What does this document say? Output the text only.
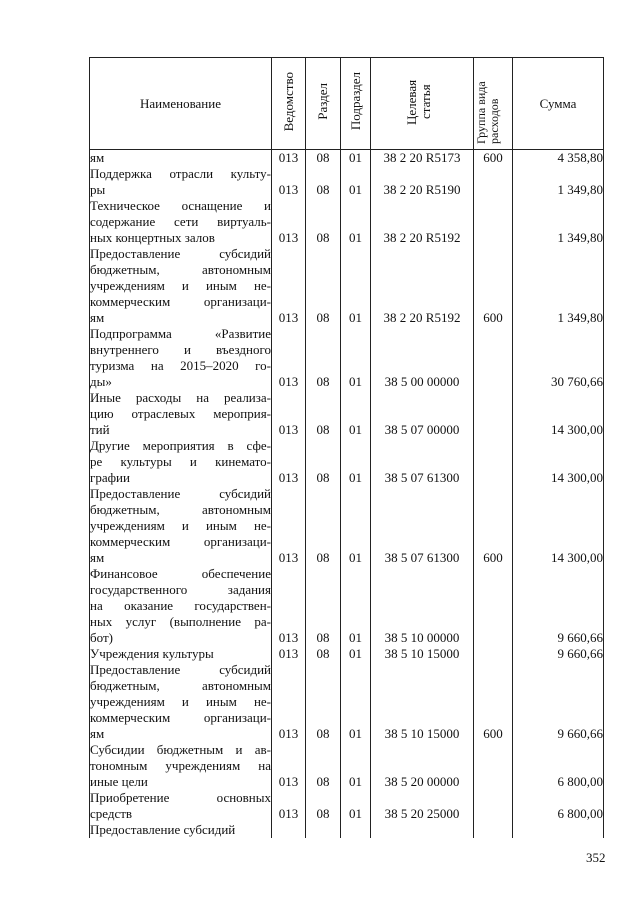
Наименование	Ведомство	Раздел	Подраздел	Целевая статья	Группа вида расходов	Сумма

ям	013	08	01	38 2 20 R5173	600	4 358,80

Поддержка отрасли культу-
ры	013	08	01	38 2 20 R5190		1 349,80

Техническое оснащение и
содержание сети виртуаль-
ных концертных залов	013	08	01	38 2 20 R5192		1 349,80

Предоставление субсидий
бюджетным, автономным
учреждениям и иным не-
коммерческим организаци-
ям	013	08	01	38 2 20 R5192	600	1 349,80

Подпрограмма «Развитие
внутреннего и въездного
туризма на 2015–2020 го-
ды»	013	08	01	38 5 00 00000		30 760,66

Иные расходы на реализа-
цию отраслевых мероприя-
тий	013	08	01	38 5 07 00000		14 300,00

Другие мероприятия в сфе-
ре культуры и кинемато-
графии	013	08	01	38 5 07 61300		14 300,00

Предоставление субсидий
бюджетным, автономным
учреждениям и иным не-
коммерческим организаци-
ям	013	08	01	38 5 07 61300	600	14 300,00

Финансовое обеспечение
государственного задания
на оказание государствен-
ных услуг (выполнение ра-
бот)	013	08	01	38 5 10 00000		9 660,66

Учреждения культуры	013	08	01	38 5 10 15000		9 660,66

Предоставление субсидий
бюджетным, автономным
учреждениям и иным не-
коммерческим организаци-
ям	013	08	01	38 5 10 15000	600	9 660,66

Субсидии бюджетным и ав-
тономным учреждениям на
иные цели	013	08	01	38 5 20 00000		6 800,00

Приобретение основных
средств	013	08	01	38 5 20 25000		6 800,00

Предоставление субсидий						

352
